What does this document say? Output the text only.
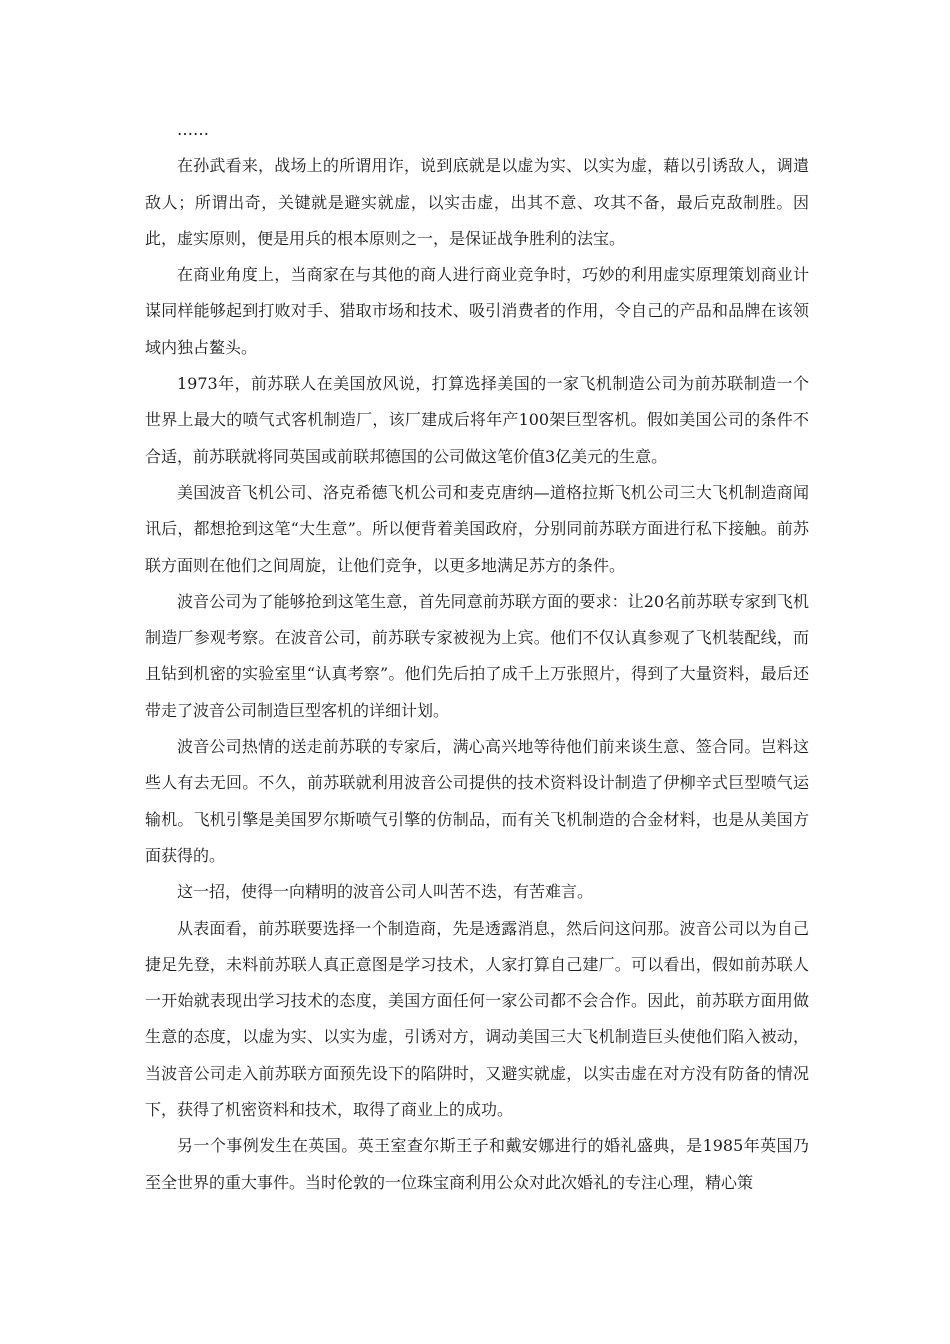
……

在孙武看来，战场上的所谓用诈，说到底就是以虚为实、以实为虚，藉以引诱敌人，调遣敌人；所谓出奇，关键就是避实就虚，以实击虚，出其不意、攻其不备，最后克敌制胜。因此，虚实原则，便是用兵的根本原则之一，是保证战争胜利的法宝。

在商业角度上，当商家在与其他的商人进行商业竞争时，巧妙的利用虚实原理策划商业计谋同样能够起到打败对手、猎取市场和技术、吸引消费者的作用，令自己的产品和品牌在该领域内独占鳌头。

1973年，前苏联人在美国放风说，打算选择美国的一家飞机制造公司为前苏联制造一个世界上最大的喷气式客机制造厂，该厂建成后将年产100架巨型客机。假如美国公司的条件不合适，前苏联就将同英国或前联邦德国的公司做这笔价值3亿美元的生意。

美国波音飞机公司、洛克希德飞机公司和麦克唐纳—道格拉斯飞机公司三大飞机制造商闻讯后，都想抢到这笔“大生意”。所以便背着美国政府，分别同前苏联方面进行私下接触。前苏联方面则在他们之间周旋，让他们竞争，以更多地满足苏方的条件。

波音公司为了能够抢到这笔生意，首先同意前苏联方面的要求：让20名前苏联专家到飞机制造厂参观考察。在波音公司，前苏联专家被视为上宾。他们不仅认真参观了飞机装配线，而且钻到机密的实验室里“认真考察”。他们先后拍了成千上万张照片，得到了大量资料，最后还带走了波音公司制造巨型客机的详细计划。

波音公司热情的送走前苏联的专家后，满心高兴地等待他们前来谈生意、签合同。岂料这些人有去无回。不久，前苏联就利用波音公司提供的技术资料设计制造了伊柳辛式巨型喷气运输机。飞机引擎是美国罗尔斯喷气引擎的仿制品，而有关飞机制造的合金材料，也是从美国方面获得的。

这一招，使得一向精明的波音公司人叫苦不迭，有苦难言。

从表面看，前苏联要选择一个制造商，先是透露消息，然后问这问那。波音公司以为自己捷足先登，未料前苏联人真正意图是学习技术，人家打算自己建厂。可以看出，假如前苏联人一开始就表现出学习技术的态度，美国方面任何一家公司都不会合作。因此，前苏联方面用做生意的态度，以虚为实、以实为虚，引诱对方，调动美国三大飞机制造巨头使他们陷入被动，当波音公司走入前苏联方面预先设下的陷阱时，又避实就虚，以实击虚在对方没有防备的情况下，获得了机密资料和技术，取得了商业上的成功。

另一个事例发生在英国。英王室查尔斯王子和戴安娜进行的婚礼盛典，是1985年英国乃至全世界的重大事件。当时伦敦的一位珠宝商利用公众对此次婚礼的专注心理，精心策
